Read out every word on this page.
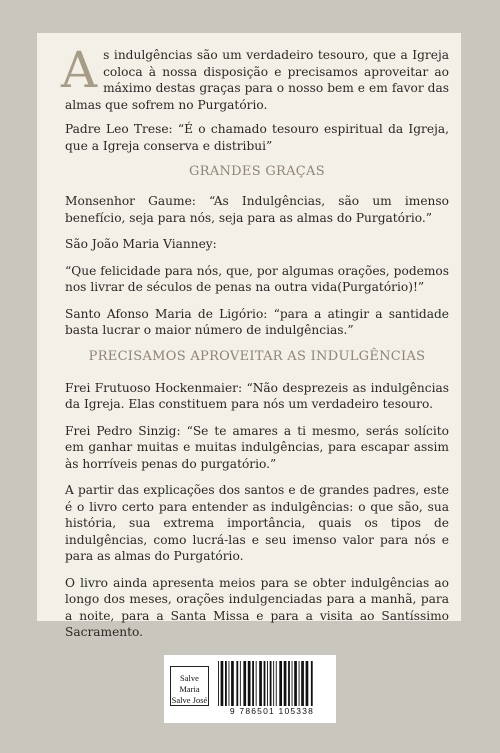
As indulgências são um verdadeiro tesouro, que a Igreja coloca à nossa disposição e precisamos aproveitar ao máximo destas graças para o nosso bem e em favor das almas que sofrem no Purgatório.

Padre Leo Trese: “É o chamado tesouro espiritual da Igreja, que a Igreja conserva e distribui”

GRANDES GRAÇAS

Monsenhor Gaume: “As Indulgências, são um imenso benefício, seja para nós, seja para as almas do Purgatório.”

São João Maria Vianney:

“Que felicidade para nós, que, por algumas orações, podemos nos livrar de séculos de penas na outra vida(Purgatório)!”

Santo Afonso Maria de Ligório: “para a atingir a santidade basta lucrar o maior número de indulgências.”

PRECISAMOS APROVEITAR AS INDULGÊNCIAS

Frei Frutuoso Hockenmaier: “Não desprezeis as indulgências da Igreja. Elas constituem para nós um verdadeiro tesouro.

Frei Pedro Sinzig: “Se te amares a ti mesmo, serás solícito em ganhar muitas e muitas indulgências, para escapar assim às horríveis penas do purgatório.”

A partir das explicações dos santos e de grandes padres, este é o livro certo para entender as indulgências: o que são, sua história, sua extrema importância, quais os tipos de indulgências, como lucrá-las e seu imenso valor para nós e para as almas do Purgatório.

O livro ainda apresenta meios para se obter indulgências ao longo dos meses, orações indulgenciadas para a manhã, para a noite, para a Santa Missa e para a visita ao Santíssimo Sacramento.

Salve Maria
Salve José
9 786501 105338
